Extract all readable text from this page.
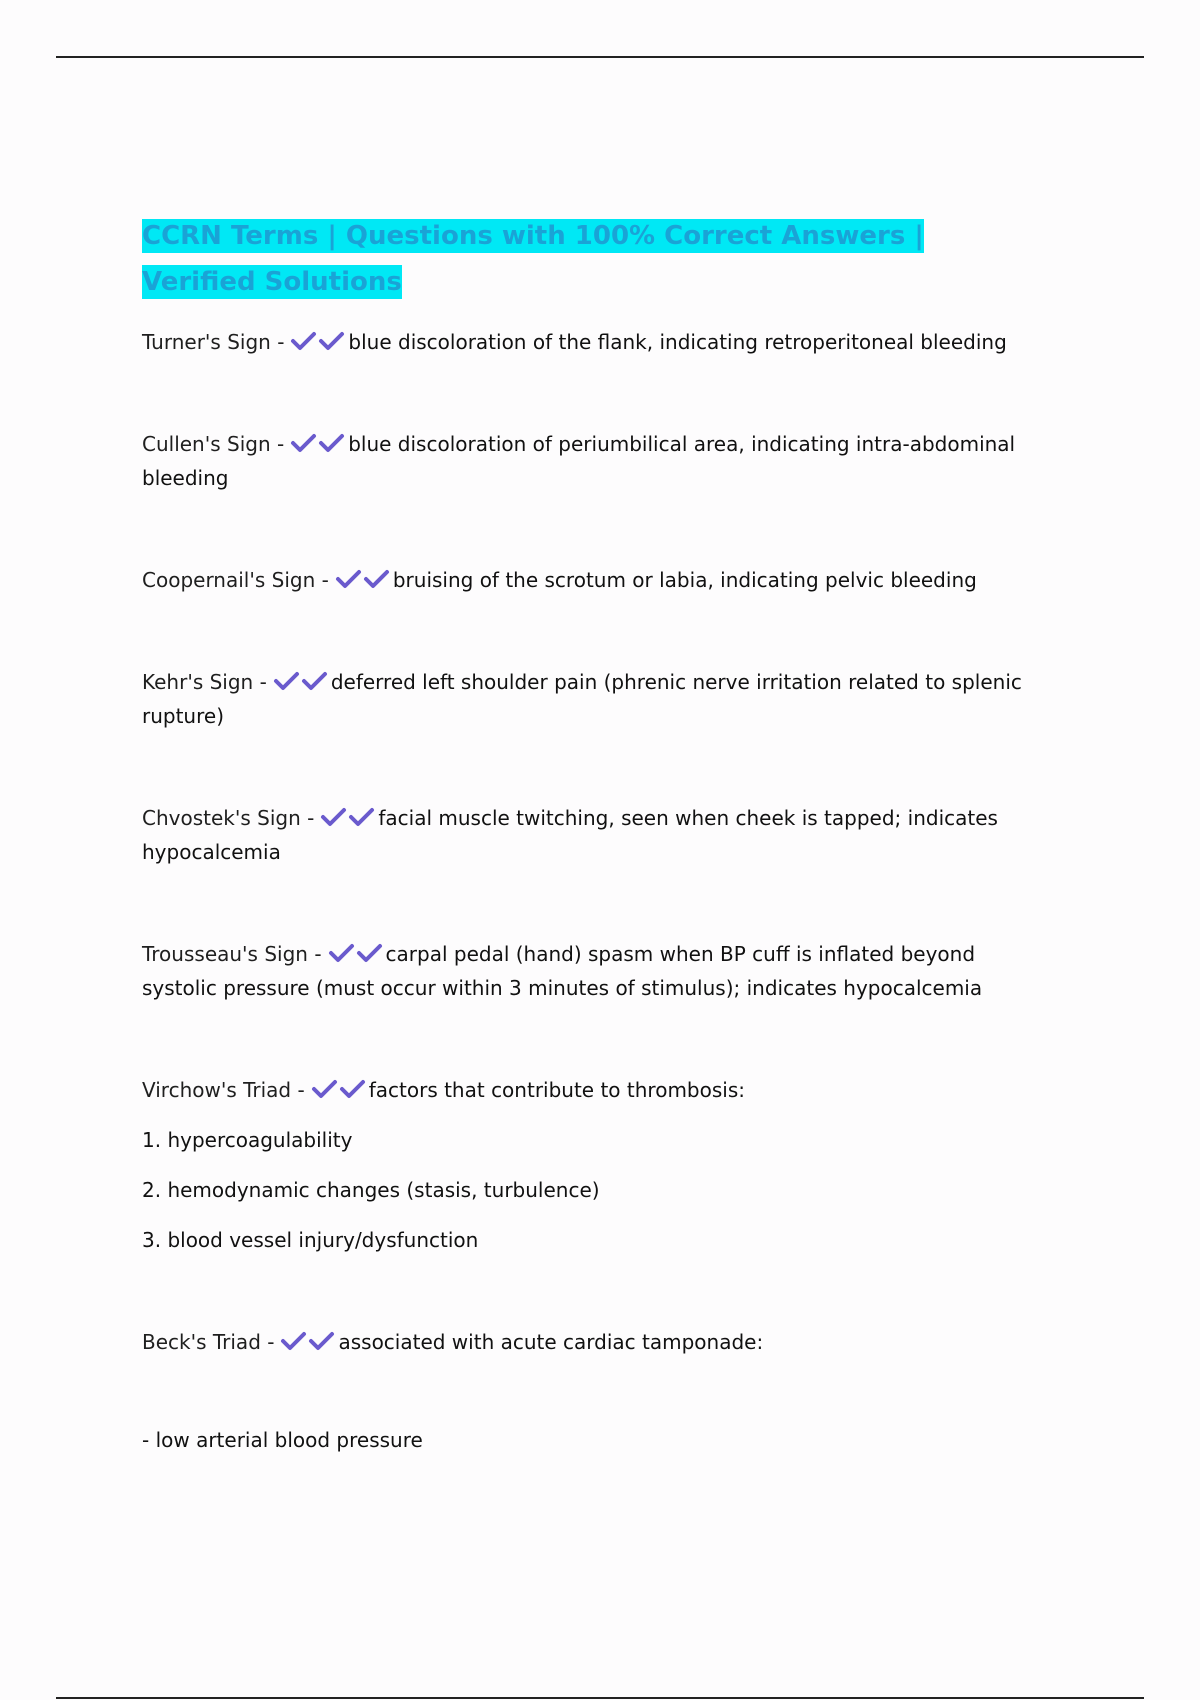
CCRN Terms | Questions with 100% Correct Answers | Verified Solutions
Turner's Sign -	blue discoloration of the flank, indicating retroperitoneal bleeding
Cullen's Sign -	blue discoloration of periumbilical area, indicating intra-abdominal bleeding
Coopernail's Sign -	bruising of the scrotum or labia, indicating pelvic bleeding
Kehr's Sign -	deferred left shoulder pain (phrenic nerve irritation related to splenic rupture)
Chvostek's Sign -	facial muscle twitching, seen when cheek is tapped; indicates hypocalcemia
Trousseau's Sign -	carpal pedal (hand) spasm when BP cuff is inflated beyond systolic pressure (must occur within 3 minutes of stimulus); indicates hypocalcemia
Virchow's Triad -	factors that contribute to thrombosis:
1. hypercoagulability
2. hemodynamic changes (stasis, turbulence)
3. blood vessel injury/dysfunction
Beck's Triad -	associated with acute cardiac tamponade:
- low arterial blood pressure
